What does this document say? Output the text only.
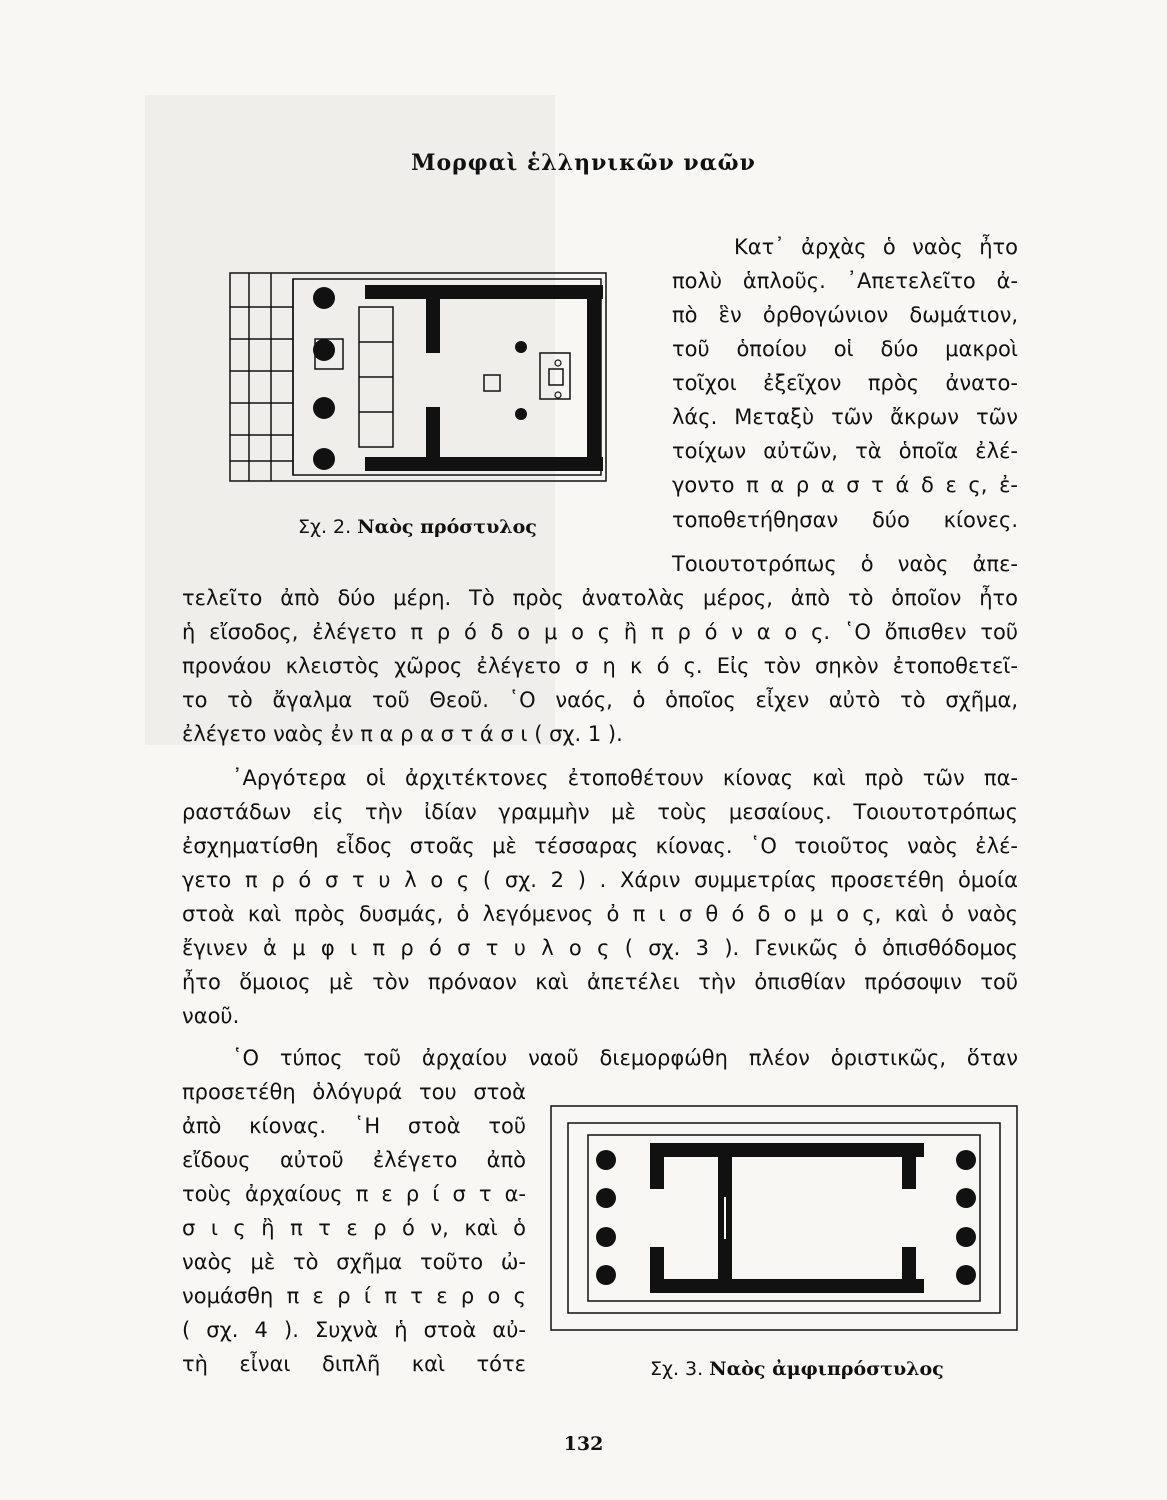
Μορφαὶ ἑλληνικῶν ναῶν
Κατ᾿ ἀρχὰς ὁ ναὸς ἦτο
πολὺ ἁπλοῦς. ᾿Απετελεῖτο ἀ-
πὸ ἓν ὀρθογώνιον δωμάτιον,
τοῦ ὁποίου οἱ δύο μακροὶ
τοῖχοι ἐξεῖχον πρὸς ἀνατο-
λάς. Μεταξὺ τῶν ἄκρων τῶν
τοίχων αὐτῶν, τὰ ὁποῖα ἐλέ-
γοντο π α ρ α σ τ ά δ ε ς, ἐ-
τοποθετήθησαν δύο κίονες.
Τοιουτοτρόπως ὁ ναὸς ἀπε-
Σχ. 2. Ναὸς πρόστυλος
τελεῖτο ἀπὸ δύο μέρη. Τὸ πρὸς ἀνατολὰς μέρος, ἀπὸ τὸ ὁποῖον ἦτο
ἡ εἴσοδος, ἐλέγετο π ρ ό δ ο μ ο ς ἢ π ρ ό ν α ο ς. ῾Ο ὄπισθεν τοῦ
προνάου κλειστὸς χῶρος ἐλέγετο σ η κ ό ς. Εἰς τὸν σηκὸν ἐτοποθετεῖ-
το τὸ ἄγαλμα τοῦ Θεοῦ. ῾Ο ναός, ὁ ὁποῖος εἶχεν αὐτὸ τὸ σχῆμα,
ἐλέγετο ναὸς ἐν π α ρ α σ τ ά σ ι ( σχ. 1 ).
᾿Αργότερα οἱ ἀρχιτέκτονες ἐτοποθέτουν κίονας καὶ πρὸ τῶν πα-
ραστάδων εἰς τὴν ἰδίαν γραμμὴν μὲ τοὺς μεσαίους. Τοιουτοτρόπως
ἐσχηματίσθη εἶδος στοᾶς μὲ τέσσαρας κίονας. ῾Ο τοιοῦτος ναὸς ἐλέ-
γετο π ρ ό σ τ υ λ ο ς ( σχ. 2 ) . Χάριν συμμετρίας προσετέθη ὁμοία
στοὰ καὶ πρὸς δυσμάς, ὁ λεγόμενος ὀ π ι σ θ ό δ ο μ ο ς, καὶ ὁ ναὸς
ἔγινεν ἀ μ φ ι π ρ ό σ τ υ λ ο ς ( σχ. 3 ). Γενικῶς ὁ ὀπισθόδομος
ἦτο ὅμοιος μὲ τὸν πρόναον καὶ ἀπετέλει τὴν ὀπισθίαν πρόσοψιν τοῦ
ναοῦ.
῾Ο τύπος τοῦ ἀρχαίου ναοῦ διεμορφώθη πλέον ὁριστικῶς, ὅταν
προσετέθη ὁλόγυρά του στοὰ
ἀπὸ κίονας. ῾Η στοὰ τοῦ
εἴδους αὐτοῦ ἐλέγετο ἀπὸ
τοὺς ἀρχαίους π ε ρ ί σ τ α-
σ ι ς ἢ π τ ε ρ ό ν, καὶ ὁ
ναὸς μὲ τὸ σχῆμα τοῦτο ὠ-
νομάσθη π ε ρ ί π τ ε ρ ο ς
( σχ. 4 ). Συχνὰ ἡ στοὰ αὐ-
τὴ εἶναι διπλῆ καὶ τότε	Σχ. 3. Ναὸς ἀμφιπρόστυλος
132
